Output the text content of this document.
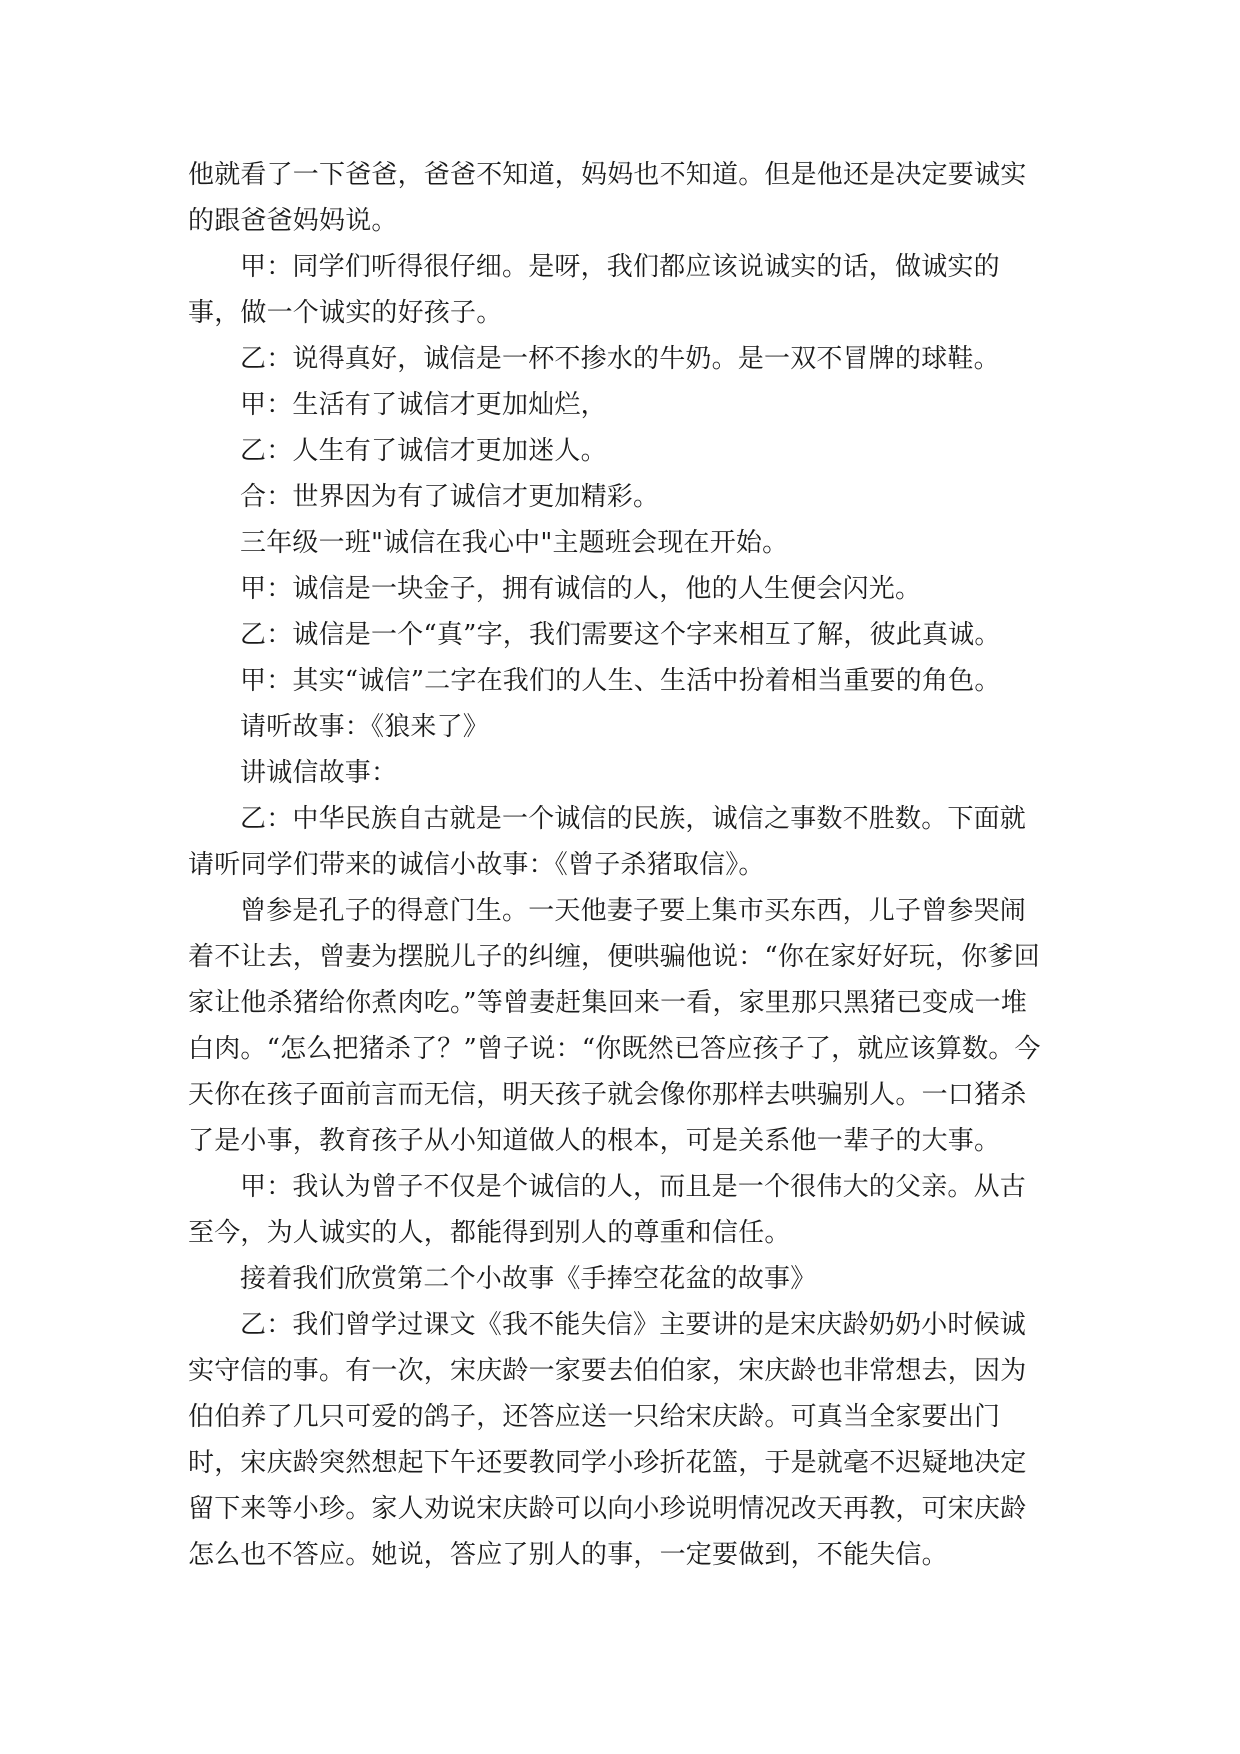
他就看了一下爸爸，爸爸不知道，妈妈也不知道。但是他还是决定要诚实的跟爸爸妈妈说。

甲：同学们听得很仔细。是呀，我们都应该说诚实的话，做诚实的事，做一个诚实的好孩子。

乙：说得真好，诚信是一杯不掺水的牛奶。是一双不冒牌的球鞋。

甲：生活有了诚信才更加灿烂，

乙：人生有了诚信才更加迷人。

合：世界因为有了诚信才更加精彩。

三年级一班"诚信在我心中"主题班会现在开始。

甲：诚信是一块金子，拥有诚信的人，他的人生便会闪光。

乙：诚信是一个“真”字，我们需要这个字来相互了解，彼此真诚。

甲：其实“诚信”二字在我们的人生、生活中扮着相当重要的角色。

请听故事：《狼来了》

讲诚信故事：

乙：中华民族自古就是一个诚信的民族，诚信之事数不胜数。下面就请听同学们带来的诚信小故事：《曾子杀猪取信》。

曾参是孔子的得意门生。一天他妻子要上集市买东西，儿子曾参哭闹着不让去，曾妻为摆脱儿子的纠缠，便哄骗他说：“你在家好好玩，你爹回家让他杀猪给你煮肉吃。”等曾妻赶集回来一看，家里那只黑猪已变成一堆白肉。“怎么把猪杀了？”曾子说：“你既然已答应孩子了，就应该算数。今天你在孩子面前言而无信，明天孩子就会像你那样去哄骗别人。一口猪杀了是小事，教育孩子从小知道做人的根本，可是关系他一辈子的大事。

甲：我认为曾子不仅是个诚信的人，而且是一个很伟大的父亲。从古至今，为人诚实的人，都能得到别人的尊重和信任。

接着我们欣赏第二个小故事《手捧空花盆的故事》

乙：我们曾学过课文《我不能失信》主要讲的是宋庆龄奶奶小时候诚实守信的事。有一次，宋庆龄一家要去伯伯家，宋庆龄也非常想去，因为伯伯养了几只可爱的鸽子，还答应送一只给宋庆龄。可真当全家要出门时，宋庆龄突然想起下午还要教同学小珍折花篮，于是就毫不迟疑地决定留下来等小珍。家人劝说宋庆龄可以向小珍说明情况改天再教，可宋庆龄怎么也不答应。她说，答应了别人的事，一定要做到，不能失信。
